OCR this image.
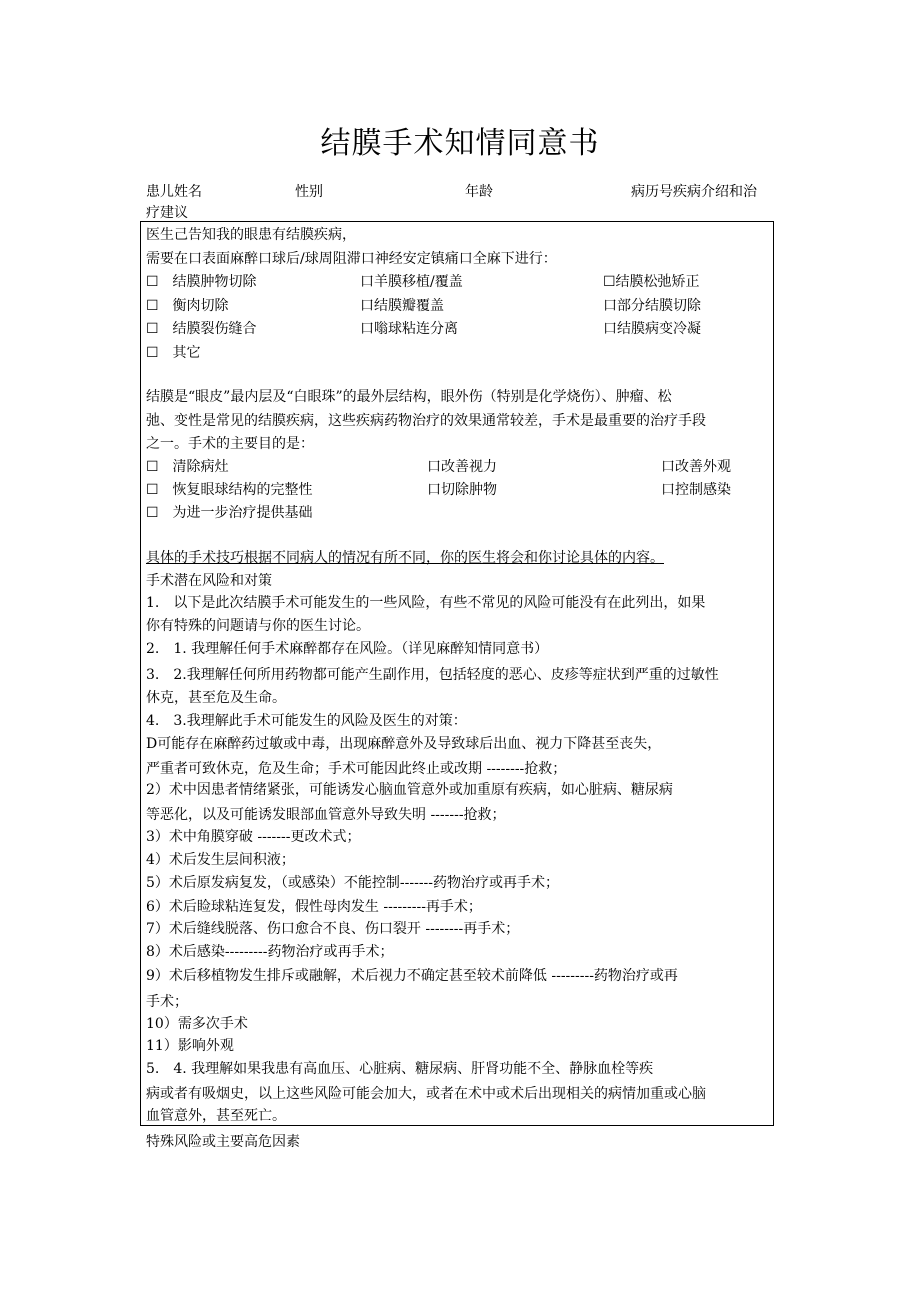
结膜手术知情同意书
患儿姓名	性别	年龄	病历号疾病介绍和治
疗建议
医生己告知我的眼患有结膜疾病，
需要在口表面麻醉口球后/球周阻滞口神经安定镇痛口全麻下进行：
☐　结膜肿物切除	口羊膜移植/覆盖	☐结膜松弛矫正
☐　衡肉切除	口结膜瓣覆盖	口部分结膜切除
☐　结膜裂伤缝合	口嗡球粘连分离	口结膜病变冷凝
☐　其它
结膜是“眼皮”最内层及“白眼珠”的最外层结构，眼外伤（特别是化学烧伤）、肿瘤、松
弛、变性是常见的结膜疾病，这些疾病药物治疗的效果通常较差，手术是最重要的治疗手段
之一。手术的主要目的是：
☐　清除病灶	口改善视力	口改善外观
☐　恢复眼球结构的完整性	口切除肿物	口控制感染
☐　为进一步治疗提供基础
具体的手术技巧根据不同病人的情况有所不同，你的医生将会和你讨论具体的内容。
手术潜在风险和对策
1.　以下是此次结膜手术可能发生的一些风险，有些不常见的风险可能没有在此列出，如果
你有特殊的问题请与你的医生讨论。
2.　1. 我理解任何手术麻醉都存在风险。（详见麻醉知情同意书）
3.　2.我理解任何所用药物都可能产生副作用，包括轻度的恶心、皮疹等症状到严重的过敏性
休克，甚至危及生命。
4.　3.我理解此手术可能发生的风险及医生的对策：
D可能存在麻醉药过敏或中毒，出现麻醉意外及导致球后出血、视力下降甚至丧失，
严重者可致休克，危及生命；手术可能因此终止或改期 --------抢救；
2）术中因患者情绪紧张，可能诱发心脑血管意外或加重原有疾病，如心脏病、糖尿病
等恶化，以及可能诱发眼部血管意外导致失明 -------抢救；
3）术中角膜穿破 -------更改术式；
4）术后发生层间积液；
5）术后原发病复发，（或感染）不能控制-------药物治疗或再手术；
6）术后睑球粘连复发，假性母肉发生 ---------再手术；
7）术后缝线脱落、伤口愈合不良、伤口裂开 --------再手术；
8）术后感染---------药物治疗或再手术；
9）术后移植物发生排斥或融解，术后视力不确定甚至较术前降低 ---------药物治疗或再
手术；
10）需多次手术
11）影响外观
5.　4. 我理解如果我患有高血压、心脏病、糖尿病、肝肾功能不全、静脉血栓等疾
病或者有吸烟史，以上这些风险可能会加大，或者在术中或术后出现相关的病情加重或心脑
血管意外，甚至死亡。
特殊风险或主要高危因素
